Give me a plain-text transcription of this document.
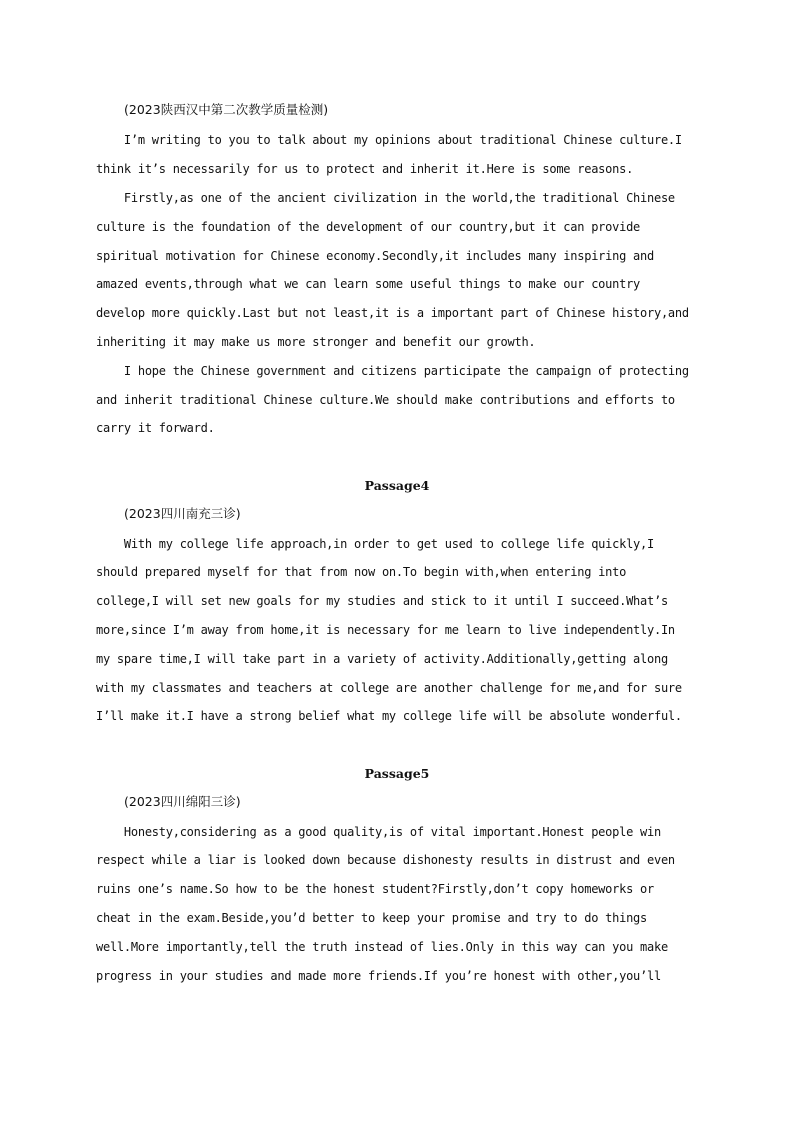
(2023陕西汉中第二次教学质量检测)
I’m writing to you to talk about my opinions about traditional Chinese culture.I
think it’s necessarily for us to protect and inherit it.Here is some reasons.
Firstly,as one of the ancient civilization in the world,the traditional Chinese
culture is the foundation of the development of our country,but it can provide
spiritual motivation for Chinese economy.Secondly,it includes many inspiring and
amazed events,through what we can learn some useful things to make our country
develop more quickly.Last but not least,it is a important part of Chinese history,and
inheriting it may make us more stronger and benefit our growth.
I hope the Chinese government and citizens participate the campaign of protecting
and inherit traditional Chinese culture.We should make contributions and efforts to
carry it forward.
Passage4
(2023四川南充三诊)
With my college life approach,in order to get used to college life quickly,I
should prepared myself for that from now on.To begin with,when entering into
college,I will set new goals for my studies and stick to it until I succeed.What’s
more,since I’m away from home,it is necessary for me learn to live independently.In
my spare time,I will take part in a variety of activity.Additionally,getting along
with my classmates and teachers at college are another challenge for me,and for sure
I’ll make it.I have a strong belief what my college life will be absolute wonderful.
Passage5
(2023四川绵阳三诊)
Honesty,considering as a good quality,is of vital important.Honest people win
respect while a liar is looked down because dishonesty results in distrust and even
ruins one’s name.So how to be the honest student?Firstly,don’t copy homeworks or
cheat in the exam.Beside,you’d better to keep your promise and try to do things
well.More importantly,tell the truth instead of lies.Only in this way can you make
progress in your studies and made more friends.If you’re honest with other,you’ll
